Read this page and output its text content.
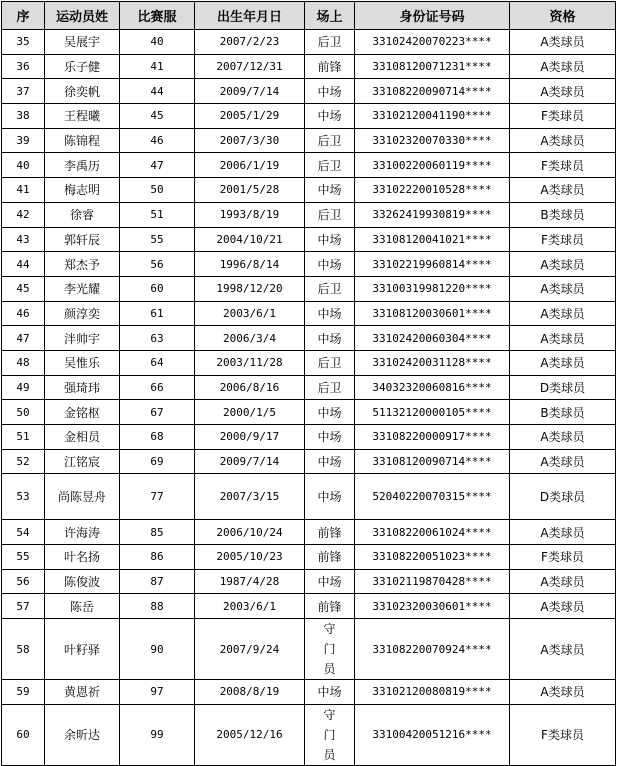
序	运动员姓	比赛服	出生年月日	场上	身份证号码	资格
35	吴展宇	40	2007/2/23	后卫	33102420070223****	A类球员
36	乐子健	41	2007/12/31	前锋	33108120071231****	A类球员
37	徐奕帆	44	2009/7/14	中场	33108220090714****	A类球员
38	王程曦	45	2005/1/29	中场	33102120041190****	F类球员
39	陈锦程	46	2007/3/30	后卫	33102320070330****	A类球员
40	李禹历	47	2006/1/19	后卫	33100220060119****	F类球员
41	梅志明	50	2001/5/28	中场	33102220010528****	A类球员
42	徐睿	51	1993/8/19	后卫	33262419930819****	B类球员
43	郭轩辰	55	2004/10/21	中场	33108120041021****	F类球员
44	郑杰予	56	1996/8/14	中场	33102219960814****	A类球员
45	李光耀	60	1998/12/20	后卫	33100319981220****	A类球员
46	颜淳奕	61	2003/6/1	中场	33108120030601****	A类球员
47	泮帅宇	63	2006/3/4	中场	33102420060304****	A类球员
48	吴惟乐	64	2003/11/28	后卫	33102420031128****	A类球员
49	强琦玮	66	2006/8/16	后卫	34032320060816****	D类球员
50	金铭枢	67	2000/1/5	中场	51132120000105****	B类球员
51	金相员	68	2000/9/17	中场	33108220000917****	A类球员
52	江铭宸	69	2009/7/14	中场	33108120090714****	A类球员
53	尚陈昱舟	77	2007/3/15	中场	52040220070315****	D类球员
54	许海涛	85	2006/10/24	前锋	33108220061024****	A类球员
55	叶名扬	86	2005/10/23	前锋	33108220051023****	F类球员
56	陈俊波	87	1987/4/28	中场	33102119870428****	A类球员
57	陈岳	88	2003/6/1	前锋	33102320030601****	A类球员
58	叶籽驿	90	2007/9/24	守门员	33108220070924****	A类球员
59	黄恩祈	97	2008/8/19	中场	33102120080819****	A类球员
60	余昕达	99	2005/12/16	守门员	33100420051216****	F类球员
